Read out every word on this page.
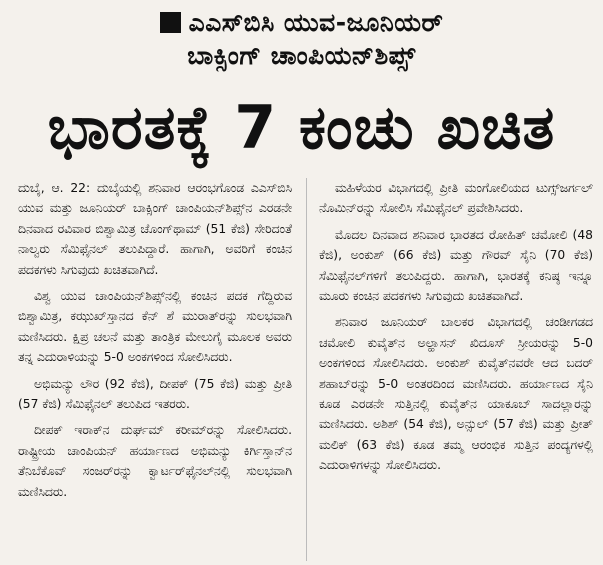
ಎಎಸ್‌ಬಿಸಿ ಯುವ-ಜೂನಿಯರ್
ಬಾಕ್ಸಿಂಗ್ ಚಾಂಪಿಯನ್‌ಶಿಪ್ಸ್
ಭಾರತಕ್ಕೆ 7 ಕಂಚು ಖಚಿತ

ದುಬೈ, ಆ. 22: ದುಬೈಯಲ್ಲಿ ಶನಿವಾರ ಆರಂಭಗೊಂಡ ಎಎಸ್‌ಬಿಸಿ ಯುವ ಮತ್ತು ಜೂನಿಯರ್ ಬಾಕ್ಸಿಂಗ್ ಚಾಂಪಿಯನ್‌ಶಿಪ್ಸ್‌ನ ಎರಡನೇ ದಿನವಾದ ರವಿವಾರ ಬಿಶ್ವಾಮಿತ್ರ ಚೊಂಗ್‌ಥಾಮ್ (51 ಕೆಜಿ) ಸೇರಿದಂತೆ ನಾಲ್ವರು ಸೆಮಿಫೈನಲ್ ತಲುಪಿದ್ದಾರೆ. ಹಾಗಾಗಿ, ಅವರಿಗೆ ಕಂಚಿನ ಪದಕಗಳು ಸಿಗುವುದು ಖಚಿತವಾಗಿದೆ.

ವಿಶ್ವ ಯುವ ಚಾಂಪಿಯನ್‌ಶಿಪ್ಸ್‌ನಲ್ಲಿ ಕಂಚಿನ ಪದಕ ಗೆದ್ದಿರುವ ಬಿಶ್ವಾಮಿತ್ರ, ಕಝುಖ್‌ಸ್ತಾನದ ಕೆನ್ ಶೆ ಮುರಾತ್‌ರನ್ನು ಸುಲಭವಾಗಿ ಮಣಿಸಿದರು. ಕ್ಷಿಪ್ರ ಚಲನೆ ಮತ್ತು ತಾಂತ್ರಿಕ ಮೇಲುಗೈ ಮೂಲಕ ಅವರು ತನ್ನ ಎದುರಾಳಿಯನ್ನು 5-0 ಅಂಕಗಳಿಂದ ಸೋಲಿಸಿದರು.

ಅಭಿಮನ್ಯು ಲೌರ (92 ಕೆಜಿ), ದೀಪಕ್ (75 ಕೆಜಿ) ಮತ್ತು ಪ್ರೀತಿ (57 ಕೆಜಿ) ಸೆಮಿಫೈನಲ್ ತಲುಪಿದ ಇತರರು.

ದೀಪಕ್ ಇರಾಕ್‌ನ ದುರ್ಘಮ್ ಕರೀಮ್‌ರನ್ನು ಸೋಲಿಸಿದರು. ರಾಷ್ಟ್ರೀಯ ಚಾಂಪಿಯನ್ ಹರ್ಯಾಣದ ಅಭಿಮನ್ಯು ಕಿರ್ಗಿಸ್ತಾನ್‌ನ ತೆನಿಬೆಕೊವ್ ಸಂಜರ್‌ರನ್ನು ಕ್ವಾರ್ಟರ್‌ಫೈನಲ್‌ನಲ್ಲಿ ಸುಲಭವಾಗಿ ಮಣಿಸಿದರು.

ಮಹಿಳೆಯರ ವಿಭಾಗದಲ್ಲಿ ಪ್ರೀತಿ ಮಂಗೋಲಿಯದ ಟುಗ್ಸ್‌ಜರ್ಗಲ್ ನೊಮಿನ್‌ರನ್ನು ಸೋಲಿಸಿ ಸೆಮಿಫೈನಲ್ ಪ್ರವೇಶಿಸಿದರು.

ಮೊದಲ ದಿನವಾದ ಶನಿವಾರ ಭಾರತದ ರೋಹಿತ್ ಚಮೋಲಿ (48 ಕೆಜಿ), ಅಂಕುಶ್ (66 ಕೆಜಿ) ಮತ್ತು ಗೌರವ್ ಸೈನಿ (70 ಕೆಜಿ) ಸೆಮಿಫೈನಲ್‌ಗಳಿಗೆ ತಲುಪಿದ್ದರು. ಹಾಗಾಗಿ, ಭಾರತಕ್ಕೆ ಕನಿಷ್ಠ ಇನ್ನೂ ಮೂರು ಕಂಚಿನ ಪದಕಗಳು ಸಿಗುವುದು ಖಚಿತವಾಗಿದೆ.

ಶನಿವಾರ ಜೂನಿಯರ್ ಬಾಲಕರ ವಿಭಾಗದಲ್ಲಿ ಚಂಡೀಗಡದ ಚಮೋಲಿ ಕುವೈತ್‌ನ ಅಲ್ಹಾಸನ್ ಖಿದೂಸ್ ಸ್ರೀಯರನ್ನು 5-0 ಅಂಕಗಳಿಂದ ಸೋಲಿಸಿದರು. ಅಂಕುಶ್ ಕುವೈತ್‌ನವರೇ ಆದ ಬದರ್ ಶಹಾಬ್‌ರನ್ನು 5-0 ಅಂತರದಿಂದ ಮಣಿಸಿದರು. ಹರ್ಯಾಣದ ಸೈನಿ ಕೂಡ ಎರಡನೇ ಸುತ್ತಿನಲ್ಲಿ ಕುವೈತ್‌ನ ಯಾಕೂಬ್ ಸಾದಲ್ಲಾರನ್ನು ಮಣಿಸಿದರು. ಅಶಿಶ್ (54 ಕೆಜಿ), ಅನ್ಸುಲ್ (57 ಕೆಜಿ) ಮತ್ತು ಪ್ರೀತ್ ಮಲಿಕ್ (63 ಕೆಜಿ) ಕೂಡ ತಮ್ಮ ಆರಂಭಿಕ ಸುತ್ತಿನ ಪಂದ್ಯಗಳಲ್ಲಿ ಎದುರಾಳಿಗಳನ್ನು ಸೋಲಿಸಿದರು.
